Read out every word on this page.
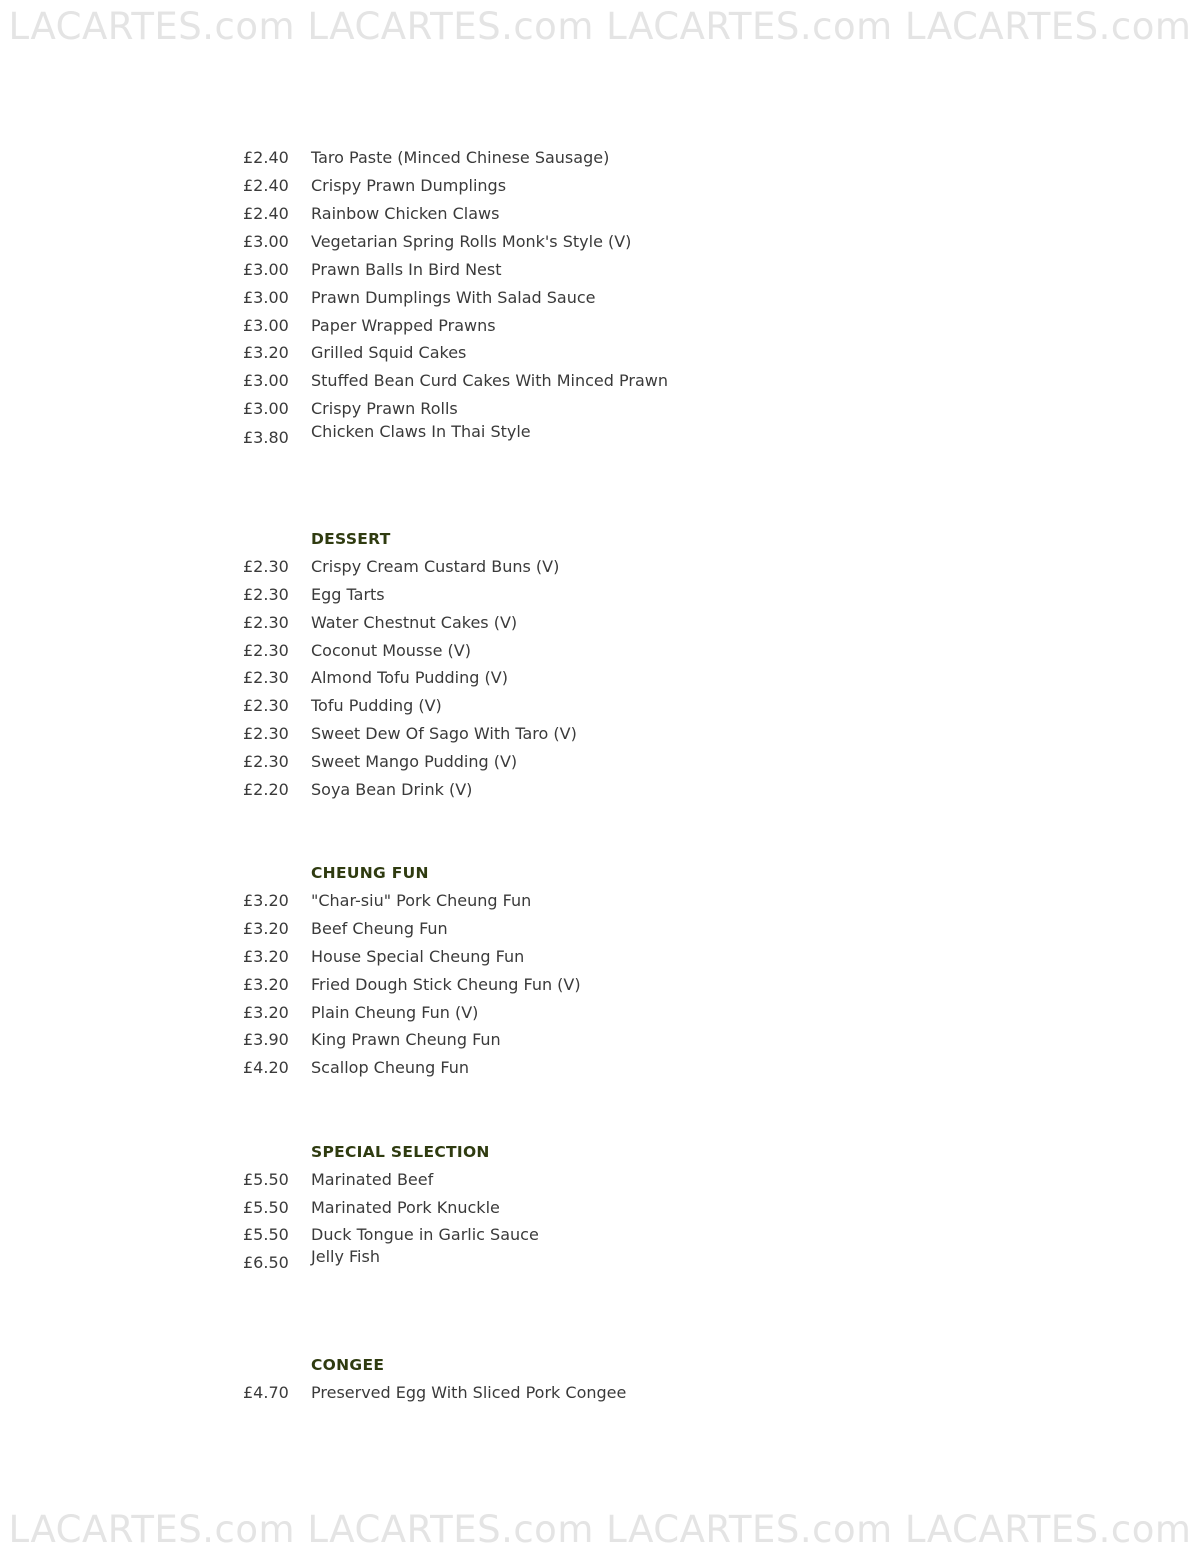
LACARTES.com LACARTES.com LACARTES.com LACARTES.com
£2.40 Taro Paste (Minced Chinese Sausage)
£2.40 Crispy Prawn Dumplings
£2.40 Rainbow Chicken Claws
£3.00 Vegetarian Spring Rolls Monk's Style (V)
£3.00 Prawn Balls In Bird Nest
£3.00 Prawn Dumplings With Salad Sauce
£3.00 Paper Wrapped Prawns
£3.20 Grilled Squid Cakes
£3.00 Stuffed Bean Curd Cakes With Minced Prawn
£3.00 Crispy Prawn Rolls
£3.80 Chicken Claws In Thai Style
DESSERT
£2.30 Crispy Cream Custard Buns (V)
£2.30 Egg Tarts
£2.30 Water Chestnut Cakes (V)
£2.30 Coconut Mousse (V)
£2.30 Almond Tofu Pudding (V)
£2.30 Tofu Pudding (V)
£2.30 Sweet Dew Of Sago With Taro (V)
£2.30 Sweet Mango Pudding (V)
£2.20 Soya Bean Drink (V)
CHEUNG FUN
£3.20 "Char-siu" Pork Cheung Fun
£3.20 Beef Cheung Fun
£3.20 House Special Cheung Fun
£3.20 Fried Dough Stick Cheung Fun (V)
£3.20 Plain Cheung Fun (V)
£3.90 King Prawn Cheung Fun
£4.20 Scallop Cheung Fun
SPECIAL SELECTION
£5.50 Marinated Beef
£5.50 Marinated Pork Knuckle
£5.50 Duck Tongue in Garlic Sauce
£6.50 Jelly Fish
CONGEE
£4.70 Preserved Egg With Sliced Pork Congee
LACARTES.com LACARTES.com LACARTES.com LACARTES.com
